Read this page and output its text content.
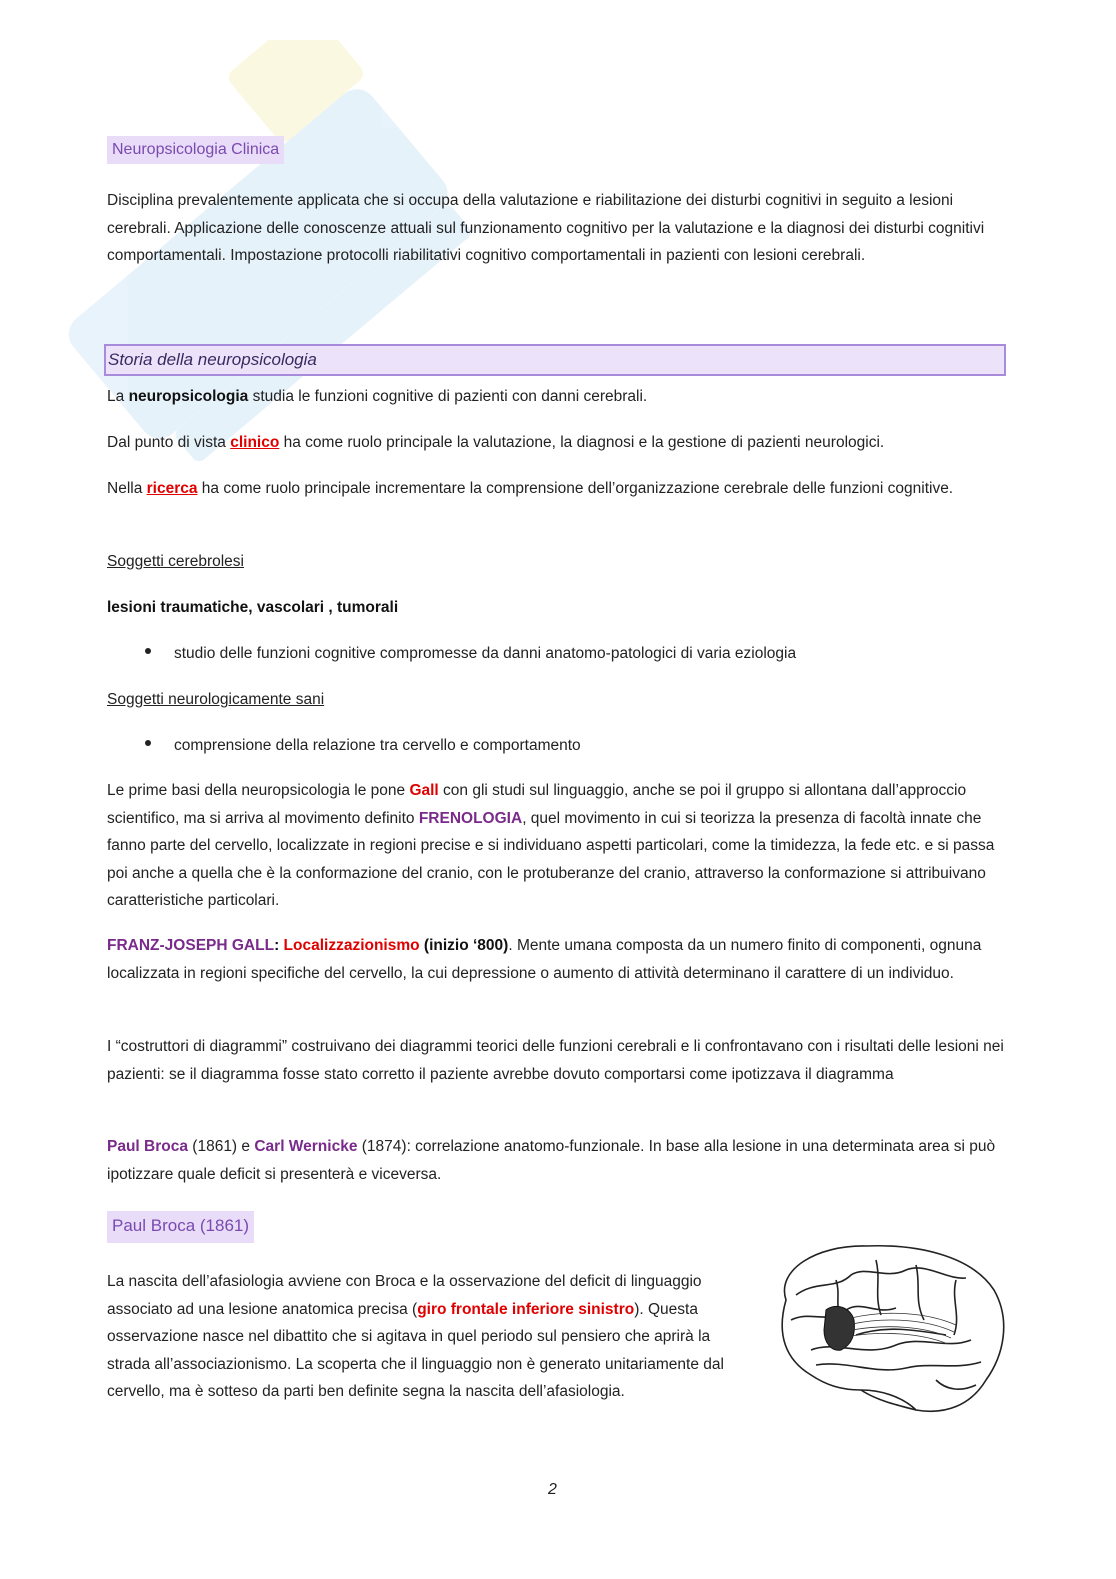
Neuropsicologia Clinica

Disciplina prevalentemente applicata che si occupa della valutazione e riabilitazione dei disturbi cognitivi in seguito a lesioni cerebrali. Applicazione delle conoscenze attuali sul funzionamento cognitivo per la valutazione e la diagnosi dei disturbi cognitivi comportamentali. Impostazione protocolli riabilitativi cognitivo comportamentali in pazienti con lesioni cerebrali.

La neuropsicologia studia le funzioni cognitive di pazienti con danni cerebrali.

Dal punto di vista clinico ha come ruolo principale la valutazione, la diagnosi e la gestione di pazienti neurologici.

Nella ricerca ha come ruolo principale incrementare la comprensione dell’organizzazione cerebrale delle funzioni cognitive.

Soggetti cerebrolesi

lesioni traumatiche, vascolari , tumorali

studio delle funzioni cognitive compromesse da danni anatomo-patologici di varia eziologia

Soggetti neurologicamente sani

comprensione della relazione tra cervello e comportamento

Le prime basi della neuropsicologia le pone Gall con gli studi sul linguaggio, anche se poi il gruppo si allontana dall’approccio scientifico, ma si arriva al movimento definito FRENOLOGIA, quel movimento in cui si teorizza la presenza di facoltà innate che fanno parte del cervello, localizzate in regioni precise e si individuano aspetti particolari, come la timidezza, la fede etc. e si passa poi anche a quella che è la conformazione del cranio, con le protuberanze del cranio, attraverso la conformazione si attribuivano caratteristiche particolari.

FRANZ-JOSEPH GALL: Localizzazionismo (inizio ‘800). Mente umana composta da un numero finito di componenti, ognuna localizzata in regioni specifiche del cervello, la cui depressione o aumento di attività determinano il carattere di un individuo.

I “costruttori di diagrammi” costruivano dei diagrammi teorici delle funzioni cerebrali e li confrontavano con i risultati delle lesioni nei pazienti: se il diagramma fosse stato corretto il paziente avrebbe dovuto comportarsi come ipotizzava il diagramma

Paul Broca (1861) e Carl Wernicke (1874): correlazione anatomo-funzionale. In base alla lesione in una determinata area si può ipotizzare quale deficit si presenterà e viceversa.

La nascita dell’afasiologia avviene con Broca e la osservazione del deficit di linguaggio associato ad una lesione anatomica precisa (giro frontale inferiore sinistro). Questa osservazione nasce nel dibattito che si agitava in quel periodo sul pensiero che aprirà la strada all’associazionismo. La scoperta che il linguaggio non è generato unitariamente dal cervello, ma è sotteso da parti ben definite segna la nascita dell’afasiologia.

Storia della neuropsicologia
Paul Broca (1861)
2
